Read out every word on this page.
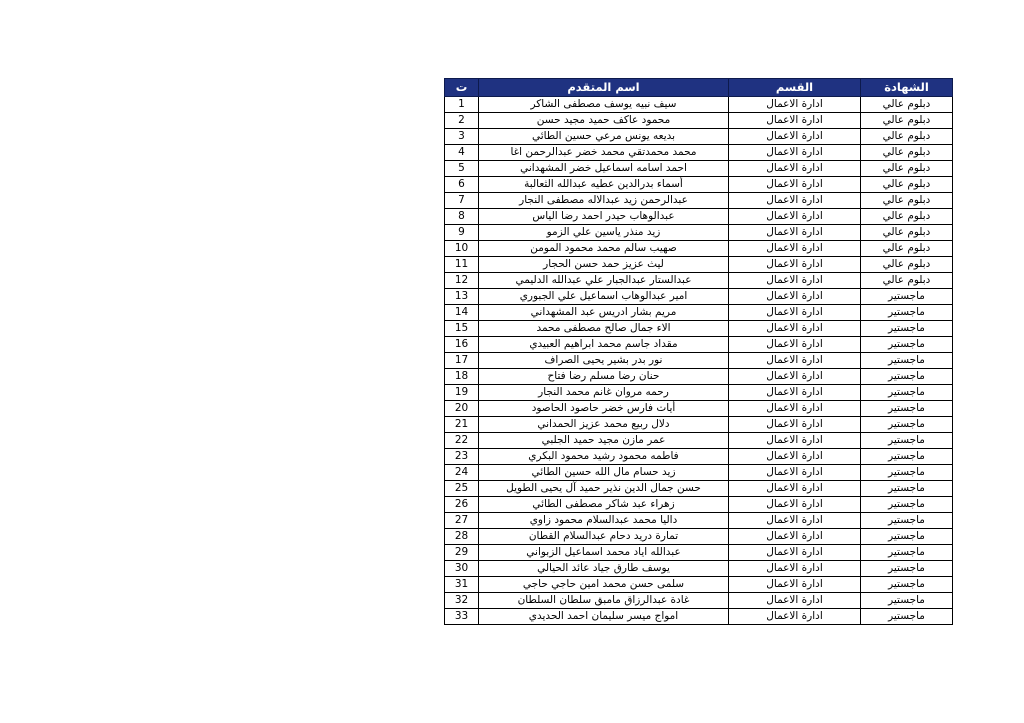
الشهادة	القسم	اسم المتقدم	ت
دبلوم عالي	ادارة الاعمال	سيف نبيه يوسف مصطفى الشاكر	1
دبلوم عالي	ادارة الاعمال	محمود عاكف حميد مجيد حسن	2
دبلوم عالي	ادارة الاعمال	بديعه يونس مرعي حسين الطائي	3
دبلوم عالي	ادارة الاعمال	محمد محمدتقي محمد خضر عبدالرحمن اغا	4
دبلوم عالي	ادارة الاعمال	احمد اسامه اسماعيل خضر المشهداني	5
دبلوم عالي	ادارة الاعمال	أسماء بدرالدين عطيه عبدالله الثعالبة	6
دبلوم عالي	ادارة الاعمال	عبدالرحمن زيد عبدالاله مصطفى النجار	7
دبلوم عالي	ادارة الاعمال	عبدالوهاب حيدر احمد رضا الياس	8
دبلوم عالي	ادارة الاعمال	زيد منذر ياسين علي الزمو	9
دبلوم عالي	ادارة الاعمال	صهيب سالم محمد محمود المومن	10
دبلوم عالي	ادارة الاعمال	ليث عزيز حمد حسن الحجار	11
دبلوم عالي	ادارة الاعمال	عبدالستار عبدالجبار علي عبدالله الدليمي	12
ماجستير	ادارة الاعمال	امير عبدالوهاب اسماعيل علي الجبوري	13
ماجستير	ادارة الاعمال	مريم بشار ادريس عبد المشهداني	14
ماجستير	ادارة الاعمال	الاء جمال صالح مصطفى محمد	15
ماجستير	ادارة الاعمال	مقداد جاسم محمد ابراهيم العبيدي	16
ماجستير	ادارة الاعمال	نور بدر بشير يحيى الصراف	17
ماجستير	ادارة الاعمال	حنان رضا مسلم رضا فتاح	18
ماجستير	ادارة الاعمال	رحمه مروان غانم محمد النجار	19
ماجستير	ادارة الاعمال	أيات فارس خضر حاصود الحاصود	20
ماجستير	ادارة الاعمال	دلال ربيع محمد عزيز الحمداني	21
ماجستير	ادارة الاعمال	عمر مازن مجيد حميد الجلبي	22
ماجستير	ادارة الاعمال	فاطمه محمود رشيد محمود البكري	23
ماجستير	ادارة الاعمال	زيد حسام مال الله حسين الطائي	24
ماجستير	ادارة الاعمال	حسن جمال الدين نذير حميد آل يحيى الطويل	25
ماجستير	ادارة الاعمال	زهراء عبد شاكر مصطفى الطائي	26
ماجستير	ادارة الاعمال	داليا محمد عبدالسلام محمود زاوي	27
ماجستير	ادارة الاعمال	تمارة دريد دحام عبدالسلام القطان	28
ماجستير	ادارة الاعمال	عبدالله اياد محمد اسماعيل الزبواني	29
ماجستير	ادارة الاعمال	يوسف طارق جياد عائد الحيالي	30
ماجستير	ادارة الاعمال	سلمى حسن محمد امين حاجي حاجي	31
ماجستير	ادارة الاعمال	غادة عبدالرزاق مامبق سلطان السلطان	32
ماجستير	ادارة الاعمال	امواج ميسر سليمان احمد الحديدي	33
